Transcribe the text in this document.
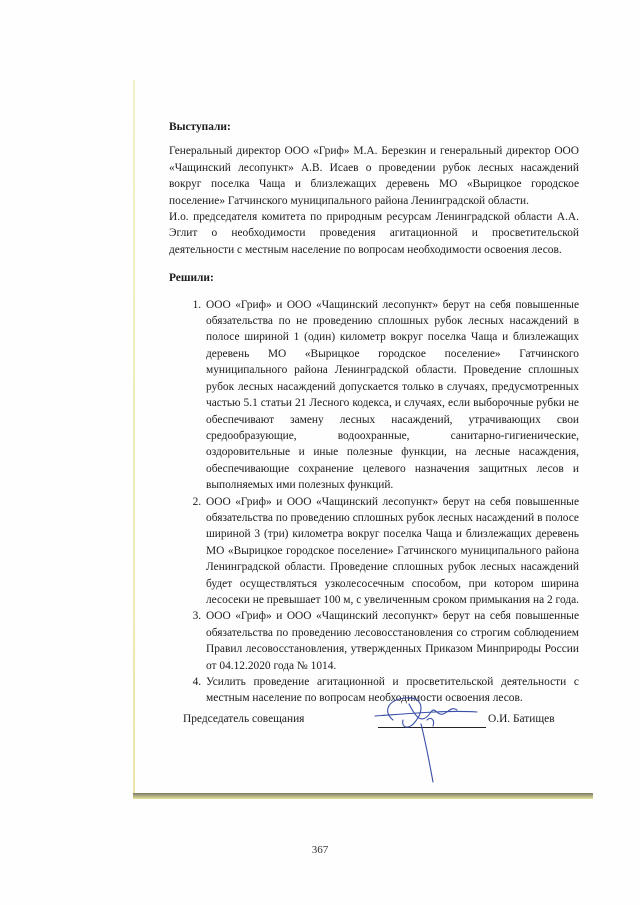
Выступали:

Генеральный директор ООО «Гриф» М.А. Березкин и генеральный директор ООО «Чащинский лесопункт» А.В. Исаев о проведении рубок лесных насаждений вокруг поселка Чаща и близлежащих деревень МО «Вырицкое городское поселение» Гатчинского муниципального района Ленинградской области.

И.о. председателя комитета по природным ресурсам Ленинградской области А.А. Эглит о необходимости проведения агитационной и просветительской деятельности с местным население по вопросам необходимости освоения лесов.

Решили:

1. ООО «Гриф» и ООО «Чащинский лесопункт» берут на себя повышенные обязательства по не проведению сплошных рубок лесных насаждений в полосе шириной 1 (один) километр вокруг поселка Чаща и близлежащих деревень МО «Вырицкое городское поселение» Гатчинского муниципального района Ленинградской области. Проведение сплошных рубок лесных насаждений допускается только в случаях, предусмотренных частью 5.1 статьи 21 Лесного кодекса, и случаях, если выборочные рубки не обеспечивают замену лесных насаждений, утрачивающих свои средообразующие, водоохранные, санитарно-гигиенические, оздоровительные и иные полезные функции, на лесные насаждения, обеспечивающие сохранение целевого назначения защитных лесов и выполняемых ими полезных функций.
2. ООО «Гриф» и ООО «Чащинский лесопункт» берут на себя повышенные обязательства по проведению сплошных рубок лесных насаждений в полосе шириной 3 (три) километра вокруг поселка Чаща и близлежащих деревень МО «Вырицкое городское поселение» Гатчинского муниципального района Ленинградской области. Проведение сплошных рубок лесных насаждений будет осуществляться узколесосечным способом, при котором ширина лесосеки не превышает 100 м, с увеличенным сроком примыкания на 2 года.
3. ООО «Гриф» и ООО «Чащинский лесопункт» берут на себя повышенные обязательства по проведению лесовосстановления со строгим соблюдением Правил лесовосстановления, утвержденных Приказом Минприроды России от 04.12.2020 года № 1014.
4. Усилить проведение агитационной и просветительской деятельности с местным население по вопросам необходимости освоения лесов.
Председатель совещания	О.И. Батищев
367
